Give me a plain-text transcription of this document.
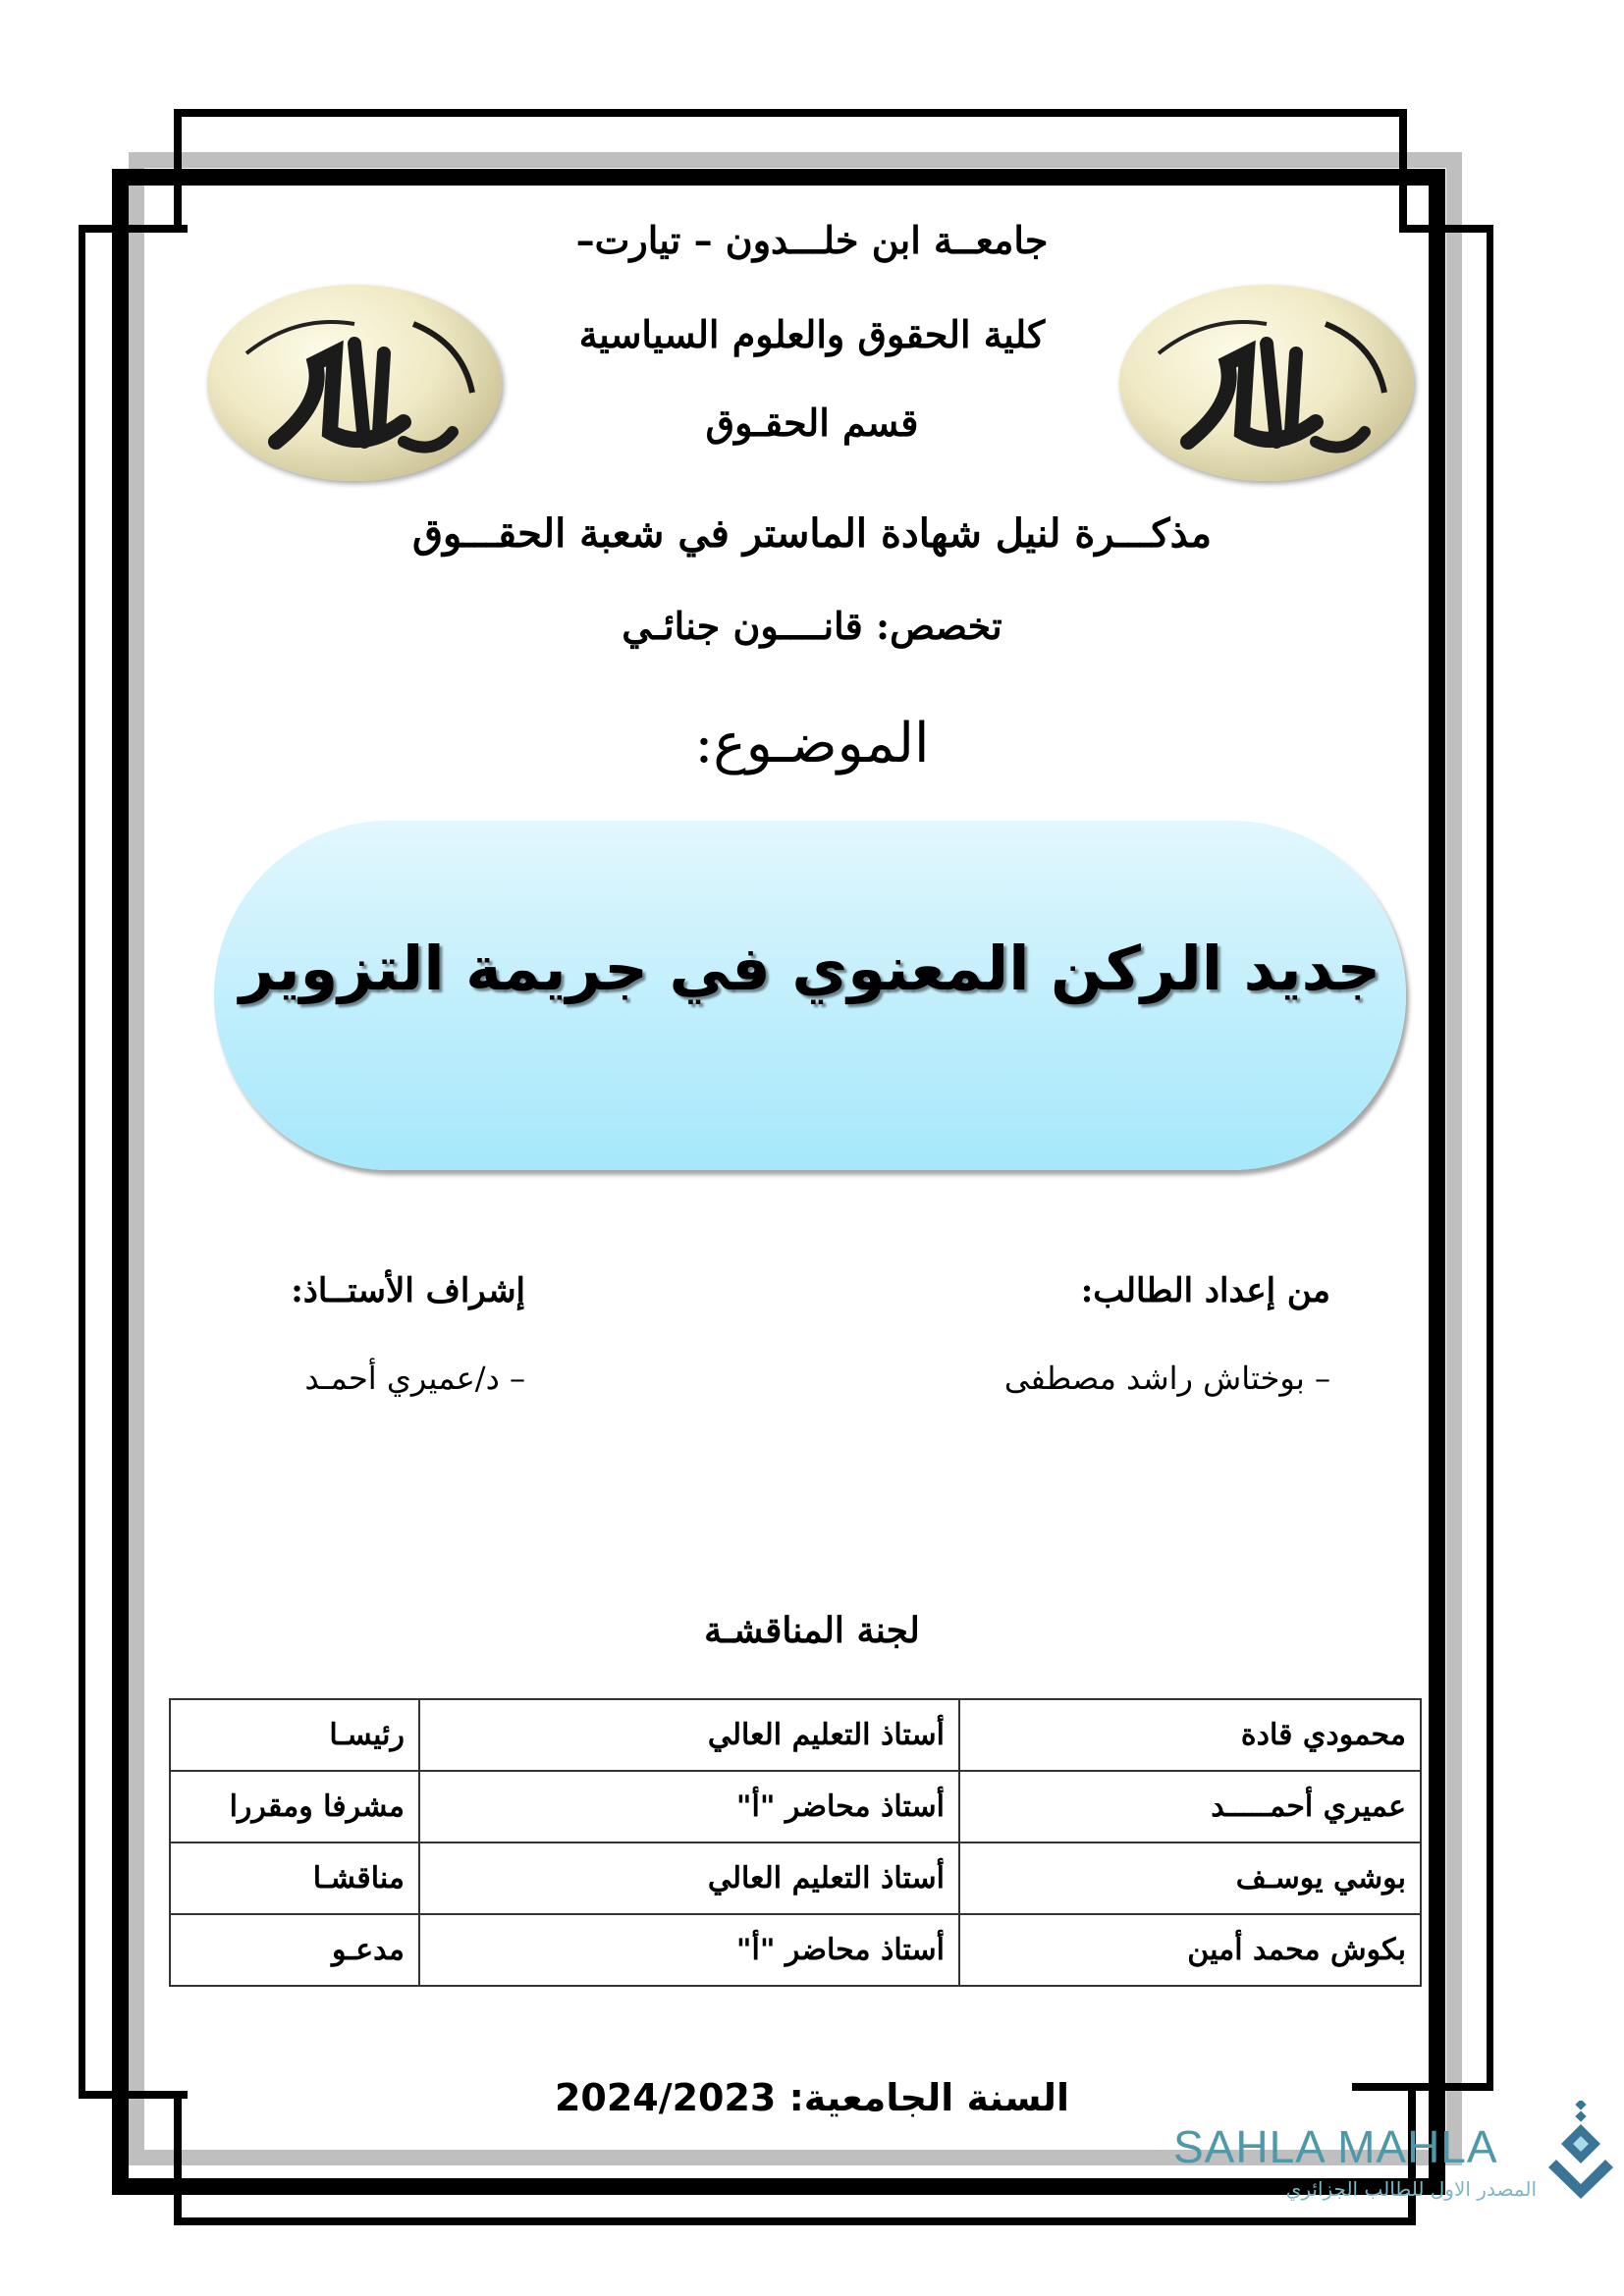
جامعــة ابن خلـــدون – تيارت–
كلية الحقوق والعلوم السياسية
قسم الحقـوق
مذكـــرة لنيل شهادة الماستر في شعبة الحقـــوق
تخصص: قانــــون جنائـي
الموضـوع:
جديد الركن المعنوي في جريمة التزوير
من إعداد الطالب:
– بوختاش راشد مصطفى
إشراف الأستــاذ:
– د/عميري أحمـد
لجنة المناقشـة
محمودي قادة	أستاذ التعليم العالي	رئيسـا
عميري أحمـــــد	أستاذ محاضر "أ"	مشرفا ومقررا
بوشي يوسـف	أستاذ التعليم العالي	مناقشـا
بكوش محمد أمين	أستاذ محاضر "أ"	مدعـو
السنة الجامعية: 2024/2023
SAHLA MAHLA
المصدر الاول للطالب الجزائري
